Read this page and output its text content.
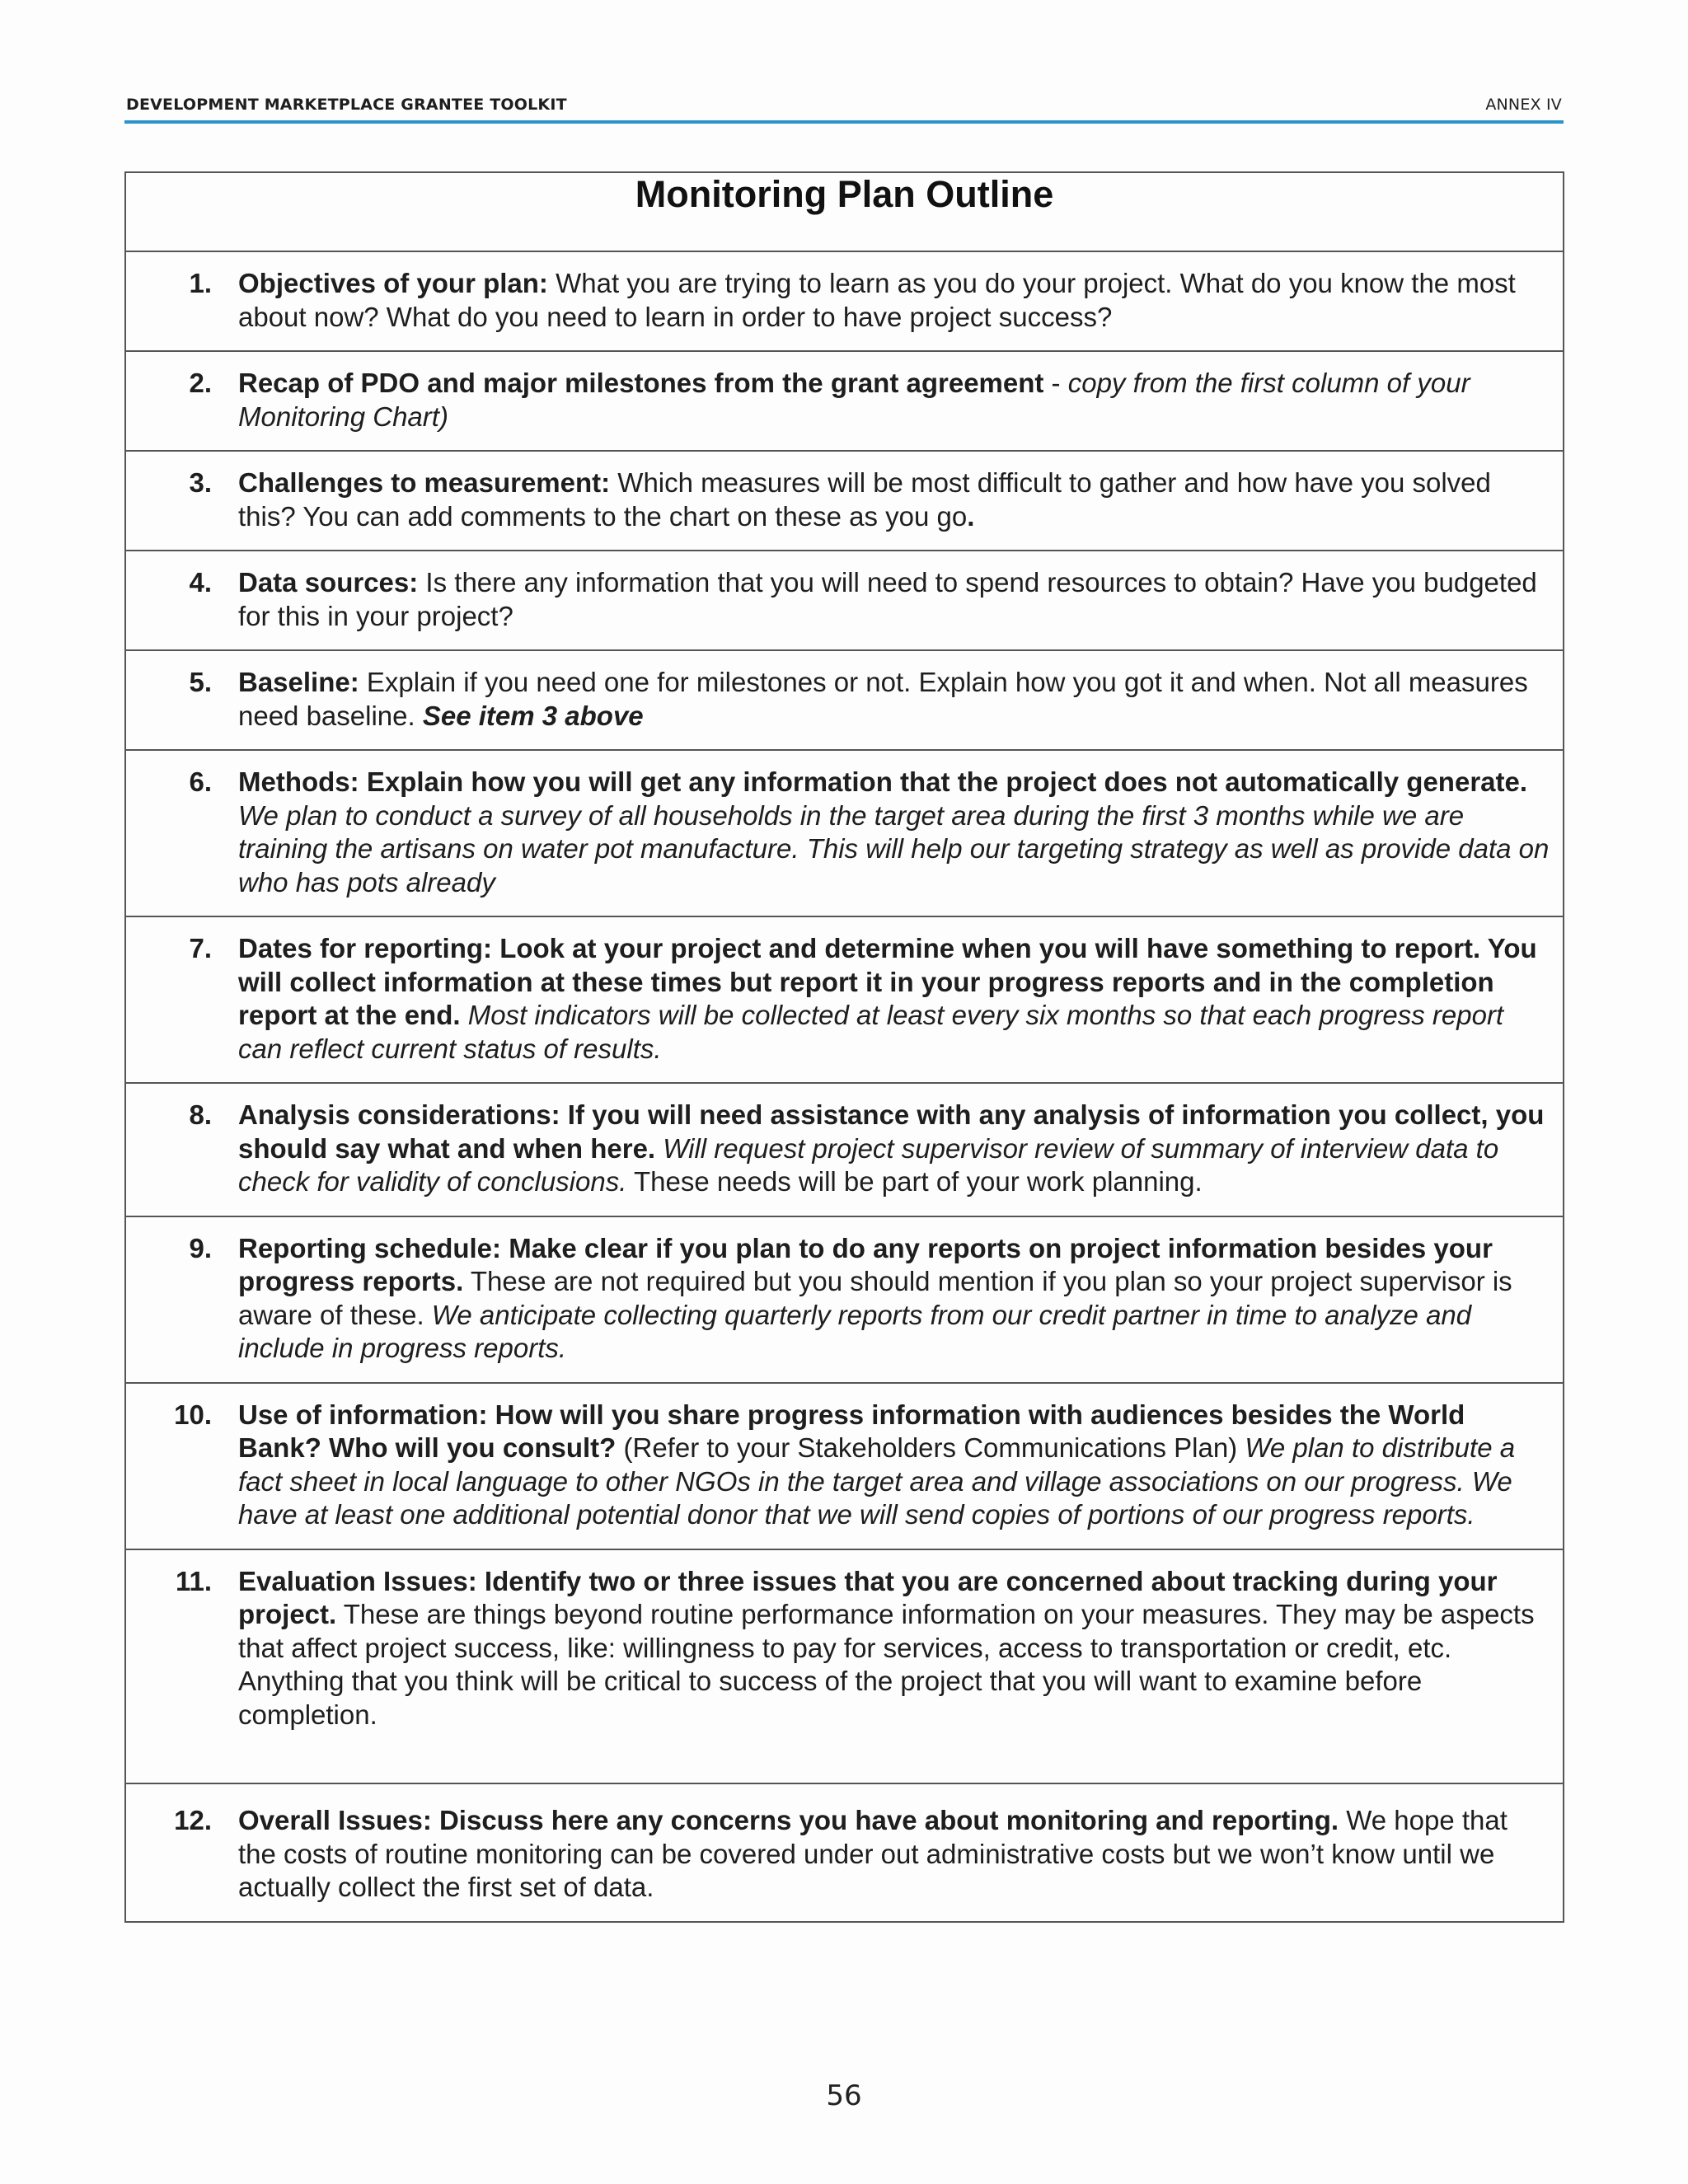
DEVELOPMENT MARKETPLACE GRANTEE TOOLKIT	ANNEX IV
Monitoring Plan Outline

1. Objectives of your plan: What you are trying to learn as you do your project. What do you know the most about now? What do you need to learn in order to have project success?

2. Recap of PDO and major milestones from the grant agreement - copy from the first column of your Monitoring Chart)

3. Challenges to measurement: Which measures will be most difficult to gather and how have you solved this? You can add comments to the chart on these as you go.

4. Data sources: Is there any information that you will need to spend resources to obtain? Have you budgeted for this in your project?

5. Baseline: Explain if you need one for milestones or not. Explain how you got it and when. Not all measures need baseline. See item 3 above

6. Methods: Explain how you will get any information that the project does not automatically generate. We plan to conduct a survey of all households in the target area during the first 3 months while we are training the artisans on water pot manufacture. This will help our targeting strategy as well as provide data on who has pots already

7. Dates for reporting: Look at your project and determine when you will have something to report. You will collect information at these times but report it in your progress reports and in the completion report at the end. Most indicators will be collected at least every six months so that each progress report can reflect current status of results.

8. Analysis considerations: If you will need assistance with any analysis of information you collect, you should say what and when here. Will request project supervisor review of summary of interview data to check for validity of conclusions. These needs will be part of your work planning.

9. Reporting schedule: Make clear if you plan to do any reports on project information besides your progress reports. These are not required but you should mention if you plan so your project supervisor is aware of these. We anticipate collecting quarterly reports from our credit partner in time to analyze and include in progress reports.

10. Use of information: How will you share progress information with audiences besides the World Bank? Who will you consult? (Refer to your Stakeholders Communications Plan) We plan to distribute a fact sheet in local language to other NGOs in the target area and village associations on our progress. We have at least one additional potential donor that we will send copies of portions of our progress reports.

11. Evaluation Issues: Identify two or three issues that you are concerned about tracking during your project. These are things beyond routine performance information on your measures. They may be aspects that affect project success, like: willingness to pay for services, access to transportation or credit, etc. Anything that you think will be critical to success of the project that you will want to examine before completion.

12. Overall Issues: Discuss here any concerns you have about monitoring and reporting. We hope that the costs of routine monitoring can be covered under out administrative costs but we won’t know until we actually collect the first set of data.
56
